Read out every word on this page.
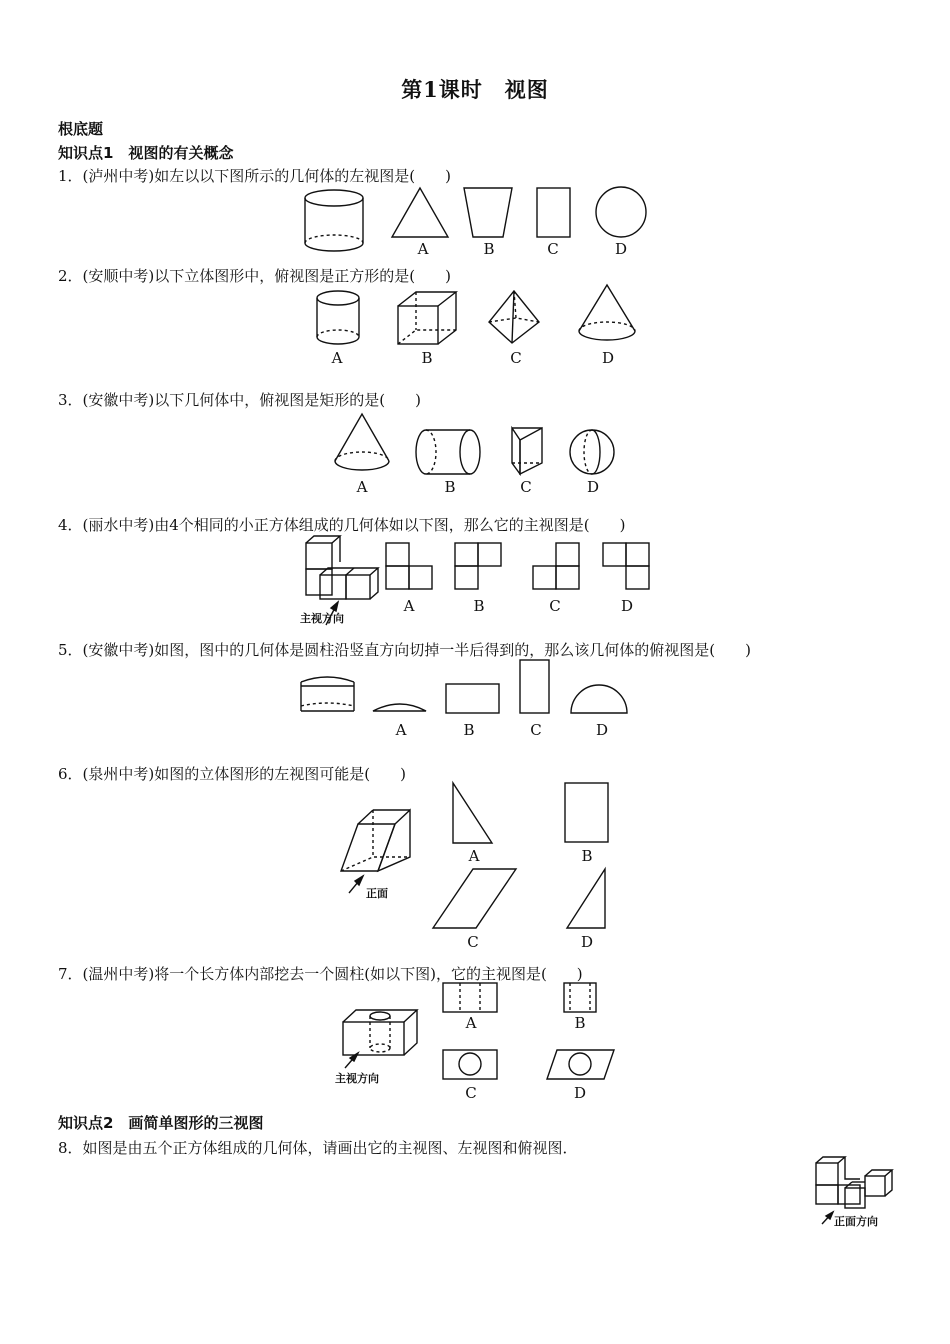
第1课时　视图
根底题
知识点1　视图的有关概念
1．(泸州中考)如左以以下图所示的几何体的左视图是(　　)
A	B	C	D
2．(安顺中考)以下立体图形中，俯视图是正方形的是(　　)
A	B	C	D
3．(安徽中考)以下几何体中，俯视图是矩形的是(　　)
A	B	C	D
4．(丽水中考)由4个相同的小正方体组成的几何体如以下图，那么它的主视图是(　　)
主视方向
A	B	C	D
5．(安徽中考)如图，图中的几何体是圆柱沿竖直方向切掉一半后得到的，那么该几何体的俯视图是(　　)
A	B	C	D
6．(泉州中考)如图的立体图形的左视图可能是(　　)
正面
A	B
C	D
7．(温州中考)将一个长方体内部挖去一个圆柱(如以下图)，它的主视图是(　　)
主视方向
A	B
C	D
知识点2　画简单图形的三视图
8．如图是由五个正方体组成的几何体，请画出它的主视图、左视图和俯视图．
正面方向
